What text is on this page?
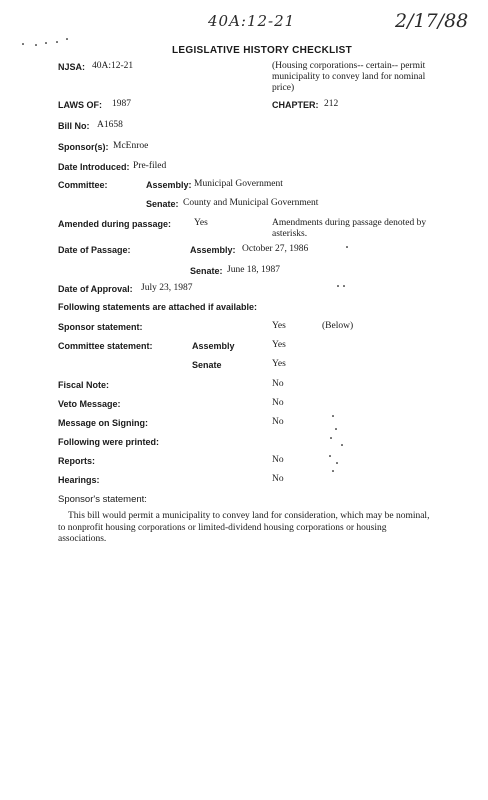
40A:12-21	2/17/88
LEGISLATIVE HISTORY CHECKLIST
NJSA: 40A:12-21	(Housing corporations-- certain-- permit municipality to convey land for nominal price)
LAWS OF: 1987	CHAPTER: 212
Bill No: A1658
Sponsor(s): McEnroe
Date Introduced: Pre-filed
Committee:	Assembly: Municipal Government
Senate: County and Municipal Government
Amended during passage: Yes	Amendments during passage denoted by asterisks.
Date of Passage:	Assembly: October 27, 1986
Senate: June 18, 1987
Date of Approval: July 23, 1987
Following statements are attached if available:
Sponsor statement:	Yes	(Below)
Committee statement:	Assembly	Yes
Senate	Yes
Fiscal Note:	No
Veto Message:	No
Message on Signing:	No
Following were printed:
Reports:	No
Hearings:	No
Sponsor's statement:
This bill would permit a municipality to convey land for consideration, which may be nominal, to nonprofit housing corporations or limited-dividend housing corporations or housing associations.
